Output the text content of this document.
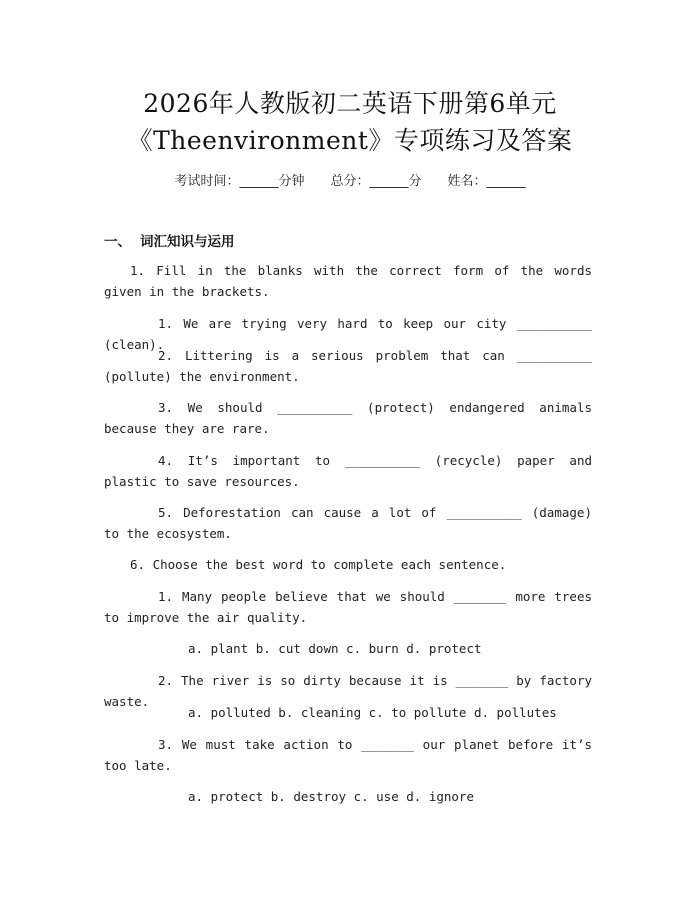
2026年人教版初二英语下册第6单元
《Theenvironment》专项练习及答案
考试时间：______分钟 总分：______分 姓名：______
一、 词汇知识与运用
1. Fill in the blanks with the correct form of the words given in the brackets.
1. We are trying very hard to keep our city __________ (clean).
2. Littering is a serious problem that can __________ (pollute) the environment.
3. We should __________ (protect) endangered animals because they are rare.
4. It’s important to __________ (recycle) paper and plastic to save resources.
5. Deforestation can cause a lot of __________ (damage) to the ecosystem.
6. Choose the best word to complete each sentence.
1. Many people believe that we should _______ more trees to improve the air quality.
a. plant b. cut down c. burn d. protect
2. The river is so dirty because it is _______ by factory waste.
a. polluted b. cleaning c. to pollute d. pollutes
3. We must take action to _______ our planet before it’s too late.
a. protect b. destroy c. use d. ignore
